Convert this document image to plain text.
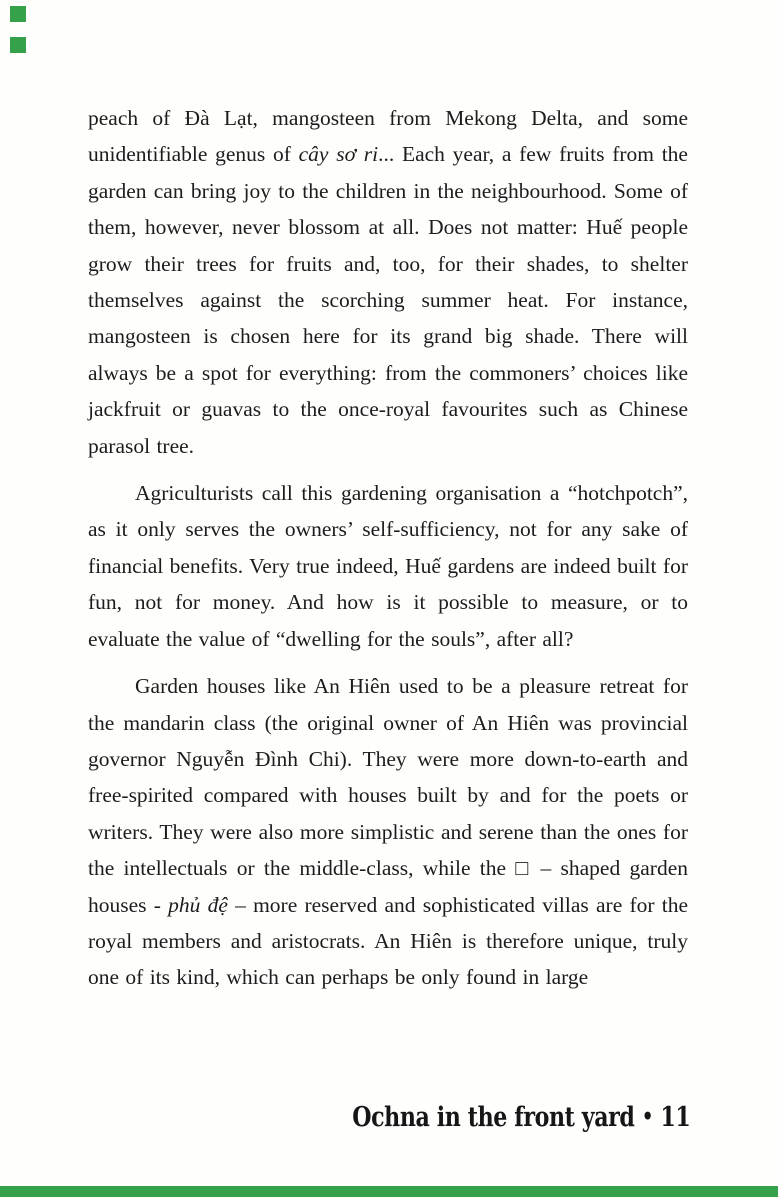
peach of Đà Lạt, mangosteen from Mekong Delta, and some unidentifiable genus of cây sơ ri... Each year, a few fruits from the garden can bring joy to the children in the neighbourhood. Some of them, however, never blossom at all. Does not matter: Huế people grow their trees for fruits and, too, for their shades, to shelter themselves against the scorching summer heat. For instance, mangosteen is chosen here for its grand big shade. There will always be a spot for everything: from the commoners’ choices like jackfruit or guavas to the once-royal favourites such as Chinese parasol tree.

Agriculturists call this gardening organisation a “hotchpotch”, as it only serves the owners’ self-sufficiency, not for any sake of financial benefits. Very true indeed, Huế gardens are indeed built for fun, not for money. And how is it possible to measure, or to evaluate the value of “dwelling for the souls”, after all?

Garden houses like An Hiên used to be a pleasure retreat for the mandarin class (the original owner of An Hiên was provincial governor Nguyễn Đình Chi). They were more down-to-earth and free-spirited compared with houses built by and for the poets or writers. They were also more simplistic and serene than the ones for the intellectuals or the middle-class, while the □ – shaped garden houses - phủ đệ – more reserved and sophisticated villas are for the royal members and aristocrats. An Hiên is therefore unique, truly one of its kind, which can perhaps be only found in large

Ochna in the front yard • 11
